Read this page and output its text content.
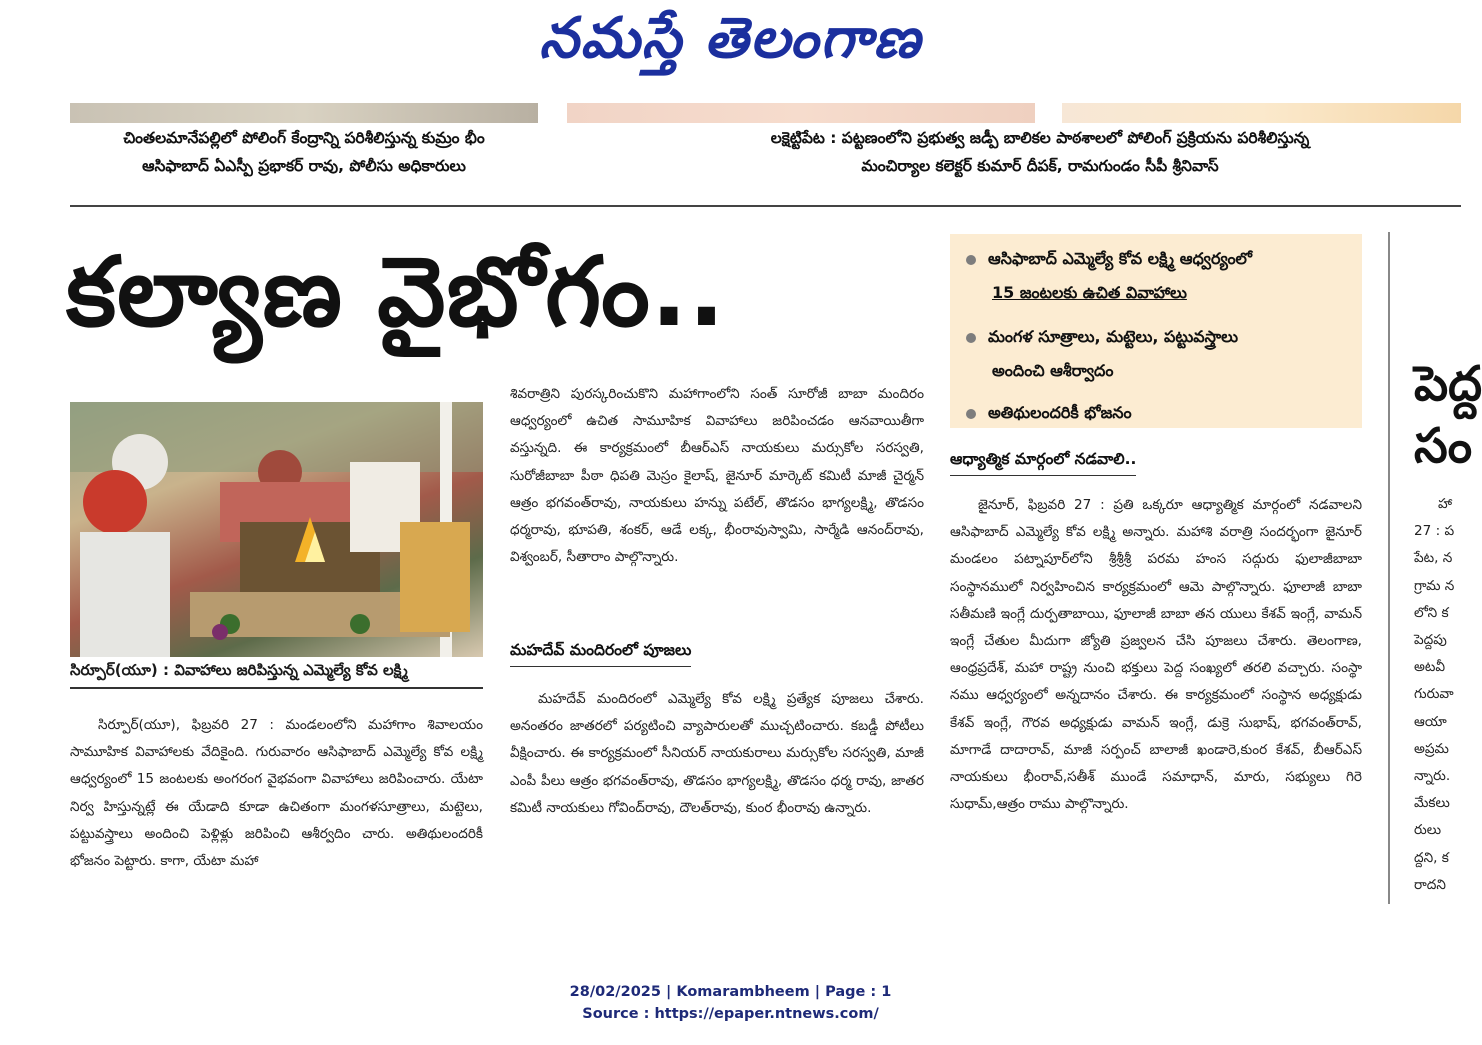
నమస్తే తెలంగాణ
చింతలమానేపల్లిలో పోలింగ్ కేంద్రాన్ని పరిశీలిస్తున్న కుమ్రం భీం
ఆసిఫాబాద్ ఏఎస్పీ ప్రభాకర్ రావు, పోలీసు అధికారులు
లక్షెట్టిపేట : పట్టణంలోని ప్రభుత్వ జడ్పీ బాలికల పాఠశాలలో పోలింగ్ ప్రక్రియను పరిశీలిస్తున్న
మంచిర్యాల కలెక్టర్ కుమార్ దీపక్, రామగుండం సీపీ శ్రీనివాస్
కల్యాణ వైభోగం..	ఆసిఫాబాద్ ఎమ్మెల్యే కోవ లక్ష్మి ఆధ్వర్యంలో
15 జంటలకు ఉచిత వివాహాలు
మంగళ సూత్రాలు, మట్టెలు, పట్టువస్త్రాలు
అందించి ఆశీర్వాదం
అతిథులందరికీ భోజనం
సిర్పూర్(యూ) : వివాహాలు జరిపిస్తున్న ఎమ్మెల్యే కోవ లక్ష్మి

సిర్పూర్(యూ), ఫిబ్రవరి 27 : మండలంలోని మహాగాం శివాలయం సామూహిక వివాహాలకు వేదికైంది. గురువారం ఆసిఫాబాద్ ఎమ్మెల్యే కోవ లక్ష్మి ఆధ్వర్యంలో 15 జంటలకు అంగరంగ వైభవంగా వివాహాలు జరిపించారు. యేటా నిర్వ హిస్తున్నట్లే ఈ యేడాది కూడా ఉచితంగా మంగళసూత్రాలు, మట్టెలు, పట్టువస్త్రాలు అందించి పెళ్లిళ్లు జరిపించి ఆశీర్వదిం చారు. అతిథులందరికీ భోజనం పెట్టారు. కాగా, యేటా మహా

శివరాత్రిని పురస్కరించుకొని మహాగాంలోని సంత్ సూరోజీ బాబా మందిరం ఆధ్వర్యంలో ఉచిత సామూహిక వివాహాలు జరిపించడం ఆనవాయితీగా వస్తున్నది. ఈ కార్యక్రమంలో బీఆర్ఎస్ నాయకులు మర్సుకోల సరస్వతి, సురోజీబాబా పీఠా ధిపతి మెస్రం కైలాష్, జైనూర్ మార్కెట్ కమిటీ మాజీ చైర్మన్ ఆత్రం భగవంత్‌రావు, నాయకులు హన్ను పటేల్, తొడసం భాగ్యలక్ష్మి, తొడసం ధర్మరావు, భూపతి, శంకర్, ఆడే లక్క, భీంరావుస్వామి, సార్మేడి ఆనంద్‌రావు, విశ్వంబర్, సీతారాం పాల్గొన్నారు.

మహదేవ్ మందిరంలో పూజలు

మహదేవ్ మందిరంలో ఎమ్మెల్యే కోవ లక్ష్మి ప్రత్యేక పూజలు చేశారు. అనంతరం జాతరలో పర్యటించి వ్యాపారులతో ముచ్చటించారు. కబడ్డీ పోటీలు వీక్షించారు. ఈ కార్యక్రమంలో సీనియర్ నాయకురాలు మర్సుకోల సరస్వతి, మాజీ ఎంపీ పీలు ఆత్రం భగవంత్‌రావు, తొడసం భాగ్యలక్ష్మి, తొడసం ధర్మ రావు, జాతర కమిటీ నాయకులు గోవింద్‌రావు, దౌలత్‌రావు, కుంర భీంరావు ఉన్నారు.

ఆధ్యాత్మిక మార్గంలో నడవాలి..

జైనూర్, ఫిబ్రవరి 27 : ప్రతి ఒక్కరూ ఆధ్యాత్మిక మార్గంలో నడవాలని ఆసిఫాబాద్ ఎమ్మెల్యే కోవ లక్ష్మి అన్నారు. మహాశి వరాత్రి సందర్భంగా జైనూర్ మండలం పట్నాపూర్‌లోని శ్రీశ్రీశ్రీ పరమ హంస సద్గురు ఫులాజీబాబా సంస్థానములో నిర్వహించిన కార్యక్రమంలో ఆమె పాల్గొన్నారు. ఫూలాజీ బాబా సతీమణి ఇంగ్లే దుర్పతాబాయి, ఫూలాజీ బాబా తన యులు కేశవ్ ఇంగ్లే, వామన్ ఇంగ్లే చేతుల మీదుగా జ్యోతి ప్రజ్వలన చేసి పూజలు చేశారు. తెలంగాణ, ఆంధ్రప్రదేశ్, మహా రాష్ట్ర నుంచి భక్తులు పెద్ద సంఖ్యలో తరలి వచ్చారు. సంస్థా నము ఆధ్వర్యంలో అన్నదానం చేశారు. ఈ కార్యక్రమంలో సంస్థాన అధ్యక్షుడు కేశవ్ ఇంగ్లే, గౌరవ అధ్యక్షుడు వామన్ ఇంగ్లే, డుక్రె సుభాష్, భగవంత్‌రావ్, మాగాడే దాదారావ్, మాజీ సర్పంచ్ బాలాజీ ఖండారె,కుంర కేశవ్, బీఆర్ఎస్ నాయకులు భీంరావ్,సతీశ్ ముండే సమాధాన్, మారు, సభ్యులు గిరె సుధామ్,ఆత్రం రాము పాల్గొన్నారు.

పెద్ద
సం
హా
27 : ప
పేట, న
గ్రామ న
లోని క
పెద్దపు
అటవీ
గురువా
ఆయా
అప్రమ
న్నారు.
మేకలు
రులు
ద్దని, క
రాదని
28/02/2025 | Komarambheem | Page : 1
Source : https://epaper.ntnews.com/
